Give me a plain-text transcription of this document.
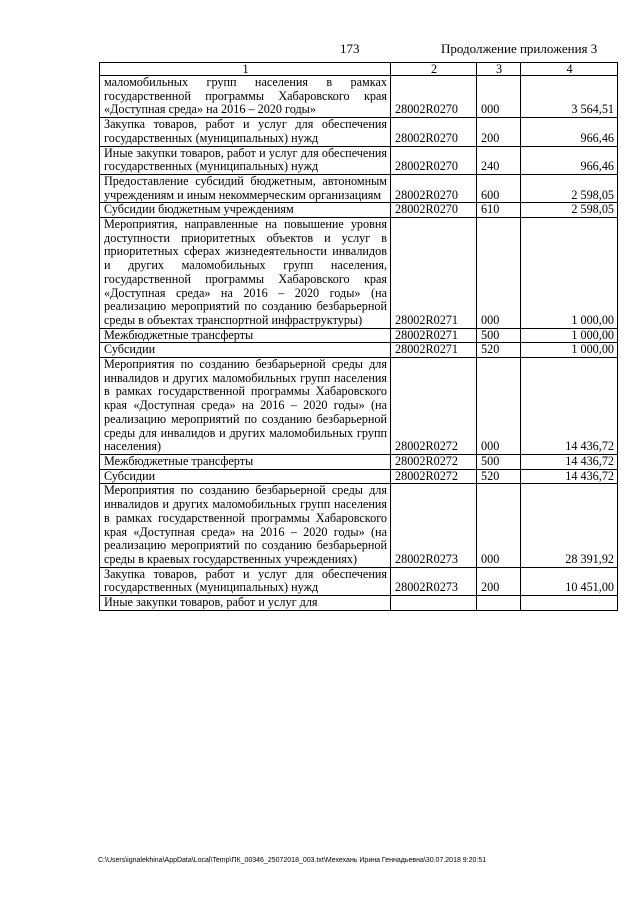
173	Продолжение приложения 3
1	2	3	4
маломобильных групп населения в рамках государственной программы Хабаровского края «Доступная среда» на 2016 – 2020 годы»	28002R0270	000	3 564,51
Закупка товаров, работ и услуг для обеспечения государственных (муниципальных) нужд	28002R0270	200	966,46
Иные закупки товаров, работ и услуг для обеспечения государственных (муниципальных) нужд	28002R0270	240	966,46
Предоставление субсидий бюджетным, автономным учреждениям и иным некоммерческим организациям	28002R0270	600	2 598,05
Субсидии бюджетным учреждениям	28002R0270	610	2 598,05
Мероприятия, направленные на повышение уровня доступности приоритетных объектов и услуг в приоритетных сферах жизнедеятельности инвалидов и других маломобильных групп населения, государственной программы Хабаровского края «Доступная среда» на 2016 – 2020 годы» (на реализацию мероприятий по созданию безбарьерной среды в объектах транспортной инфраструктуры)	28002R0271	000	1 000,00
Межбюджетные трансферты	28002R0271	500	1 000,00
Субсидии	28002R0271	520	1 000,00
Мероприятия по созданию безбарьерной среды для инвалидов и других маломобильных групп населения в рамках государственной программы Хабаровского края «Доступная среда» на 2016 – 2020 годы» (на реализацию мероприятий по созданию безбарьерной среды для инвалидов и других маломобильных групп населения)	28002R0272	000	14 436,72
Межбюджетные трансферты	28002R0272	500	14 436,72
Субсидии	28002R0272	520	14 436,72
Мероприятия по созданию безбарьерной среды для инвалидов и других маломобильных групп населения в рамках государственной программы Хабаровского края «Доступная среда» на 2016 – 2020 годы» (на реализацию мероприятий по созданию безбарьерной среды в краевых государственных учреждениях)	28002R0273	000	28 391,92
Закупка товаров, работ и услуг для обеспечения государственных (муниципальных) нужд	28002R0273	200	10 451,00
Иные закупки товаров, работ и услуг для			
C:\Users\ignalekhina\AppData\Local\Temp\ПК_00346_25072018_003.txt\Мехехань Ирина Геннадьевна\30.07.2018 9:20:51
